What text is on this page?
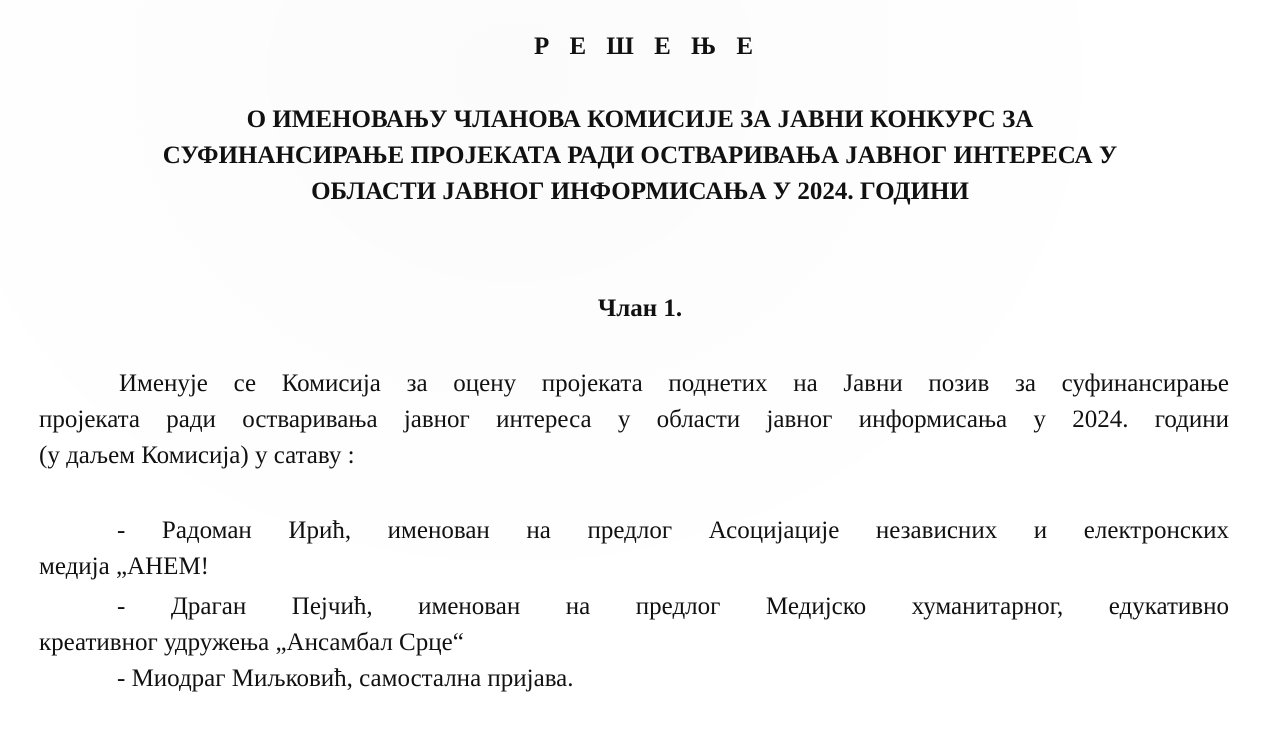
Р Е Ш Е Њ Е
О ИМЕНОВАЊУ ЧЛАНОВА КОМИСИЈЕ ЗА ЈАВНИ КОНКУРС ЗА
СУФИНАНСИРАЊЕ ПРОЈЕКАТА РАДИ ОСТВАРИВАЊА ЈАВНОГ ИНТЕРЕСА У
ОБЛАСТИ ЈАВНОГ ИНФОРМИСАЊА У 2024. ГОДИНИ
Члан 1.
Именује се Комисија за оцену пројеката поднетих на Јавни позив за суфинансирање
пројеката ради остваривања јавног интереса у области јавног информисања у 2024. години
(у даљем Комисија) у сатаву :
- Радоман Ирић, именован на предлог Асоцијације независних и електронских
медија „АНЕМ!
- Драган Пејчић, именован на предлог Медијско хуманитарног, едукативно
креативног удружења „Ансамбал Срце“
- Миодраг Миљковић, самостална пријава.
